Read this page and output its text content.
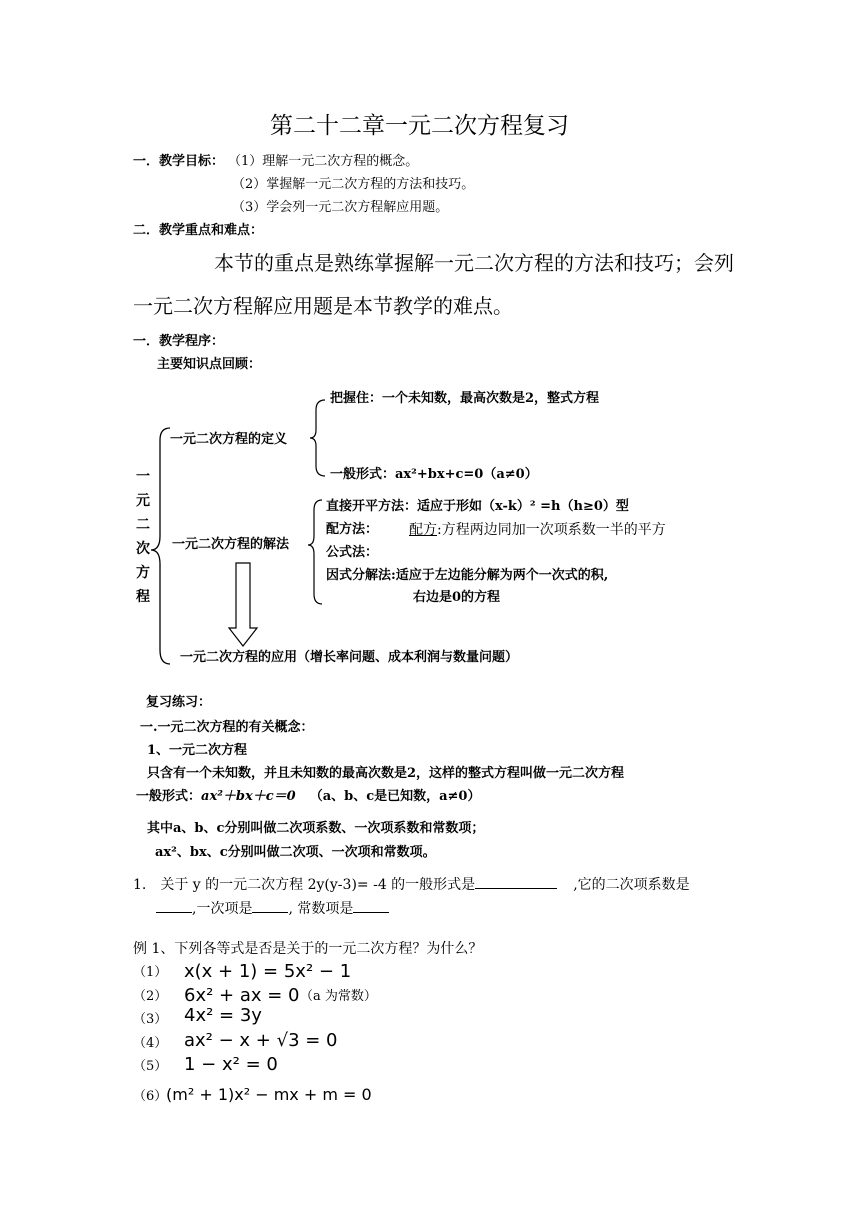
第二十二章一元二次方程复习
一．教学目标： （1）理解一元二次方程的概念。
（2）掌握解一元二次方程的方法和技巧。
（3）学会列一元二次方程解应用题。
二．教学重点和难点：
本节的重点是熟练掌握解一元二次方程的方法和技巧；会列
一元二次方程解应用题是本节教学的难点。
一．教学程序：
主要知识点回顾：
一
元
二
次
方
程
一元二次方程的定义
把握住：一个未知数，最高次数是2，整式方程
一般形式：ax²+bx+c=0（a≠0）
一元二次方程的解法
直接开平方法：适应于形如（x-k）² =h（h≥0）型
配方法： 配方:方程两边同加一次项系数一半的平方
公式法：
因式分解法:适应于左边能分解为两个一次式的积,
右边是0的方程
一元二次方程的应用（增长率问题、成本利润与数量问题）
复习练习：
一.一元二次方程的有关概念：
1、一元二次方程
只含有一个未知数，并且未知数的最高次数是2，这样的整式方程叫做一元二次方程
一般形式：ax²＋bx＋c＝0 （a、b、c是已知数，a≠0）
其中a、b、c分别叫做二次项系数、一次项系数和常数项；
ax²、bx、c分别叫做二次项、一次项和常数项。
1. 关于 y 的一元二次方程 2y(y-3)= -4 的一般形式是	,它的二次项系数是
,一次项是	, 常数项是
例 1、下列各等式是否是关于的一元二次方程？为什么？
（1） x(x + 1) = 5x² − 1
（2） 6x² + ax = 0 （a 为常数）
（3） 4x² = 3y
（4） ax² − x + √3 = 0
（5） 1 − x² = 0
（6）
(m² + 1)x² − mx + m = 0
